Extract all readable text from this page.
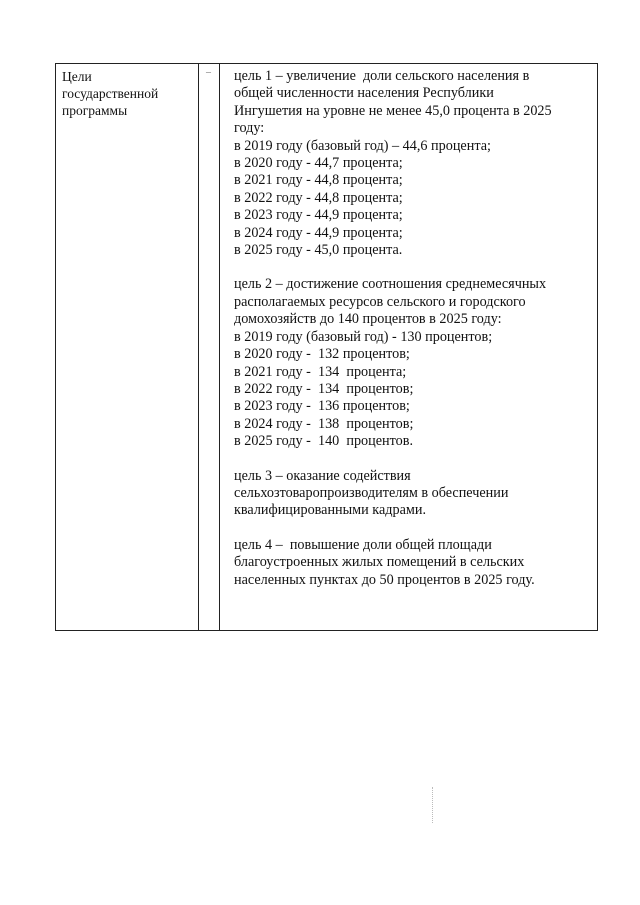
Цели
государственной
программы
– цель 1 – увеличение  доли сельского населения в
общей численности населения Республики
Ингушетия на уровне не менее 45,0 процента в 2025
году:
в 2019 году (базовый год) – 44,6 процента;
в 2020 году - 44,7 процента;
в 2021 году - 44,8 процента;
в 2022 году - 44,8 процента;
в 2023 году - 44,9 процента;
в 2024 году - 44,9 процента;
в 2025 году - 45,0 процента.
цель 2 – достижение соотношения среднемесячных
располагаемых ресурсов сельского и городского
домохозяйств до 140 процентов в 2025 году:
в 2019 году (базовый год) - 130 процентов;
в 2020 году -  132 процентов;
в 2021 году -  134  процента;
в 2022 году -  134  процентов;
в 2023 году -  136 процентов;
в 2024 году -  138  процентов;
в 2025 году -  140  процентов.
цель 3 – оказание содействия
сельхозтоваропроизводителям в обеспечении
квалифицированными кадрами.
цель 4 –  повышение доли общей площади
благоустроенных жилых помещений в сельских
населенных пунктах до 50 процентов в 2025 году.
